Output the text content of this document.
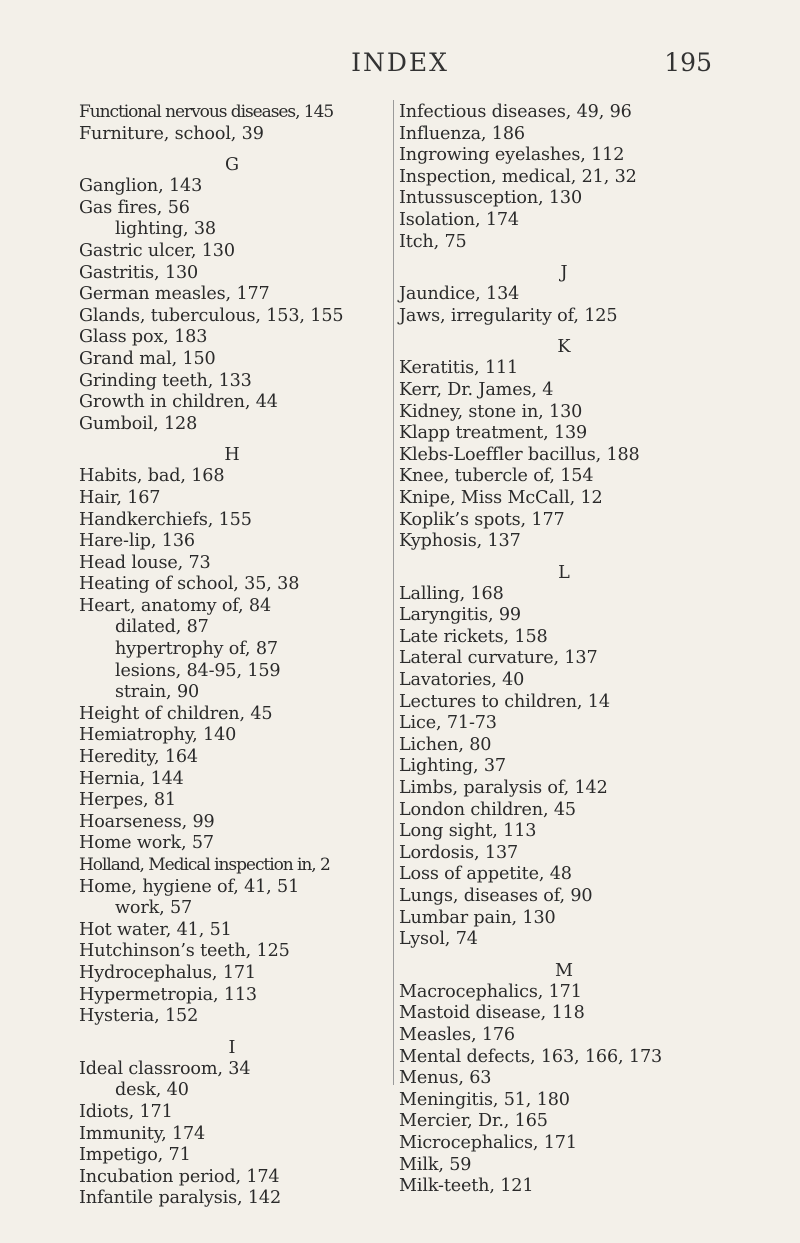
INDEX	195
Functional nervous diseases, 145
Furniture, school, 39
G
Ganglion, 143
Gas fires, 56
lighting, 38
Gastric ulcer, 130
Gastritis, 130
German measles, 177
Glands, tuberculous, 153, 155
Glass pox, 183
Grand mal, 150
Grinding teeth, 133
Growth in children, 44
Gumboil, 128
H
Habits, bad, 168
Hair, 167
Handkerchiefs, 155
Hare-lip, 136
Head louse, 73
Heating of school, 35, 38
Heart, anatomy of, 84
dilated, 87
hypertrophy of, 87
lesions, 84-95, 159
strain, 90
Height of children, 45
Hemiatrophy, 140
Heredity, 164
Hernia, 144
Herpes, 81
Hoarseness, 99
Home work, 57
Holland, Medical inspection in, 2
Home, hygiene of, 41, 51
work, 57
Hot water, 41, 51
Hutchinson’s teeth, 125
Hydrocephalus, 171
Hypermetropia, 113
Hysteria, 152
I
Ideal classroom, 34
desk, 40
Idiots, 171
Immunity, 174
Impetigo, 71
Incubation period, 174
Infantile paralysis, 142
Infectious diseases, 49, 96
Influenza, 186
Ingrowing eyelashes, 112
Inspection, medical, 21, 32
Intussusception, 130
Isolation, 174
Itch, 75
J
Jaundice, 134
Jaws, irregularity of, 125
K
Keratitis, 111
Kerr, Dr. James, 4
Kidney, stone in, 130
Klapp treatment, 139
Klebs-Loeffler bacillus, 188
Knee, tubercle of, 154
Knipe, Miss McCall, 12
Koplik’s spots, 177
Kyphosis, 137
L
Lalling, 168
Laryngitis, 99
Late rickets, 158
Lateral curvature, 137
Lavatories, 40
Lectures to children, 14
Lice, 71-73
Lichen, 80
Lighting, 37
Limbs, paralysis of, 142
London children, 45
Long sight, 113
Lordosis, 137
Loss of appetite, 48
Lungs, diseases of, 90
Lumbar pain, 130
Lysol, 74
M
Macrocephalics, 171
Mastoid disease, 118
Measles, 176
Mental defects, 163, 166, 173
Menus, 63
Meningitis, 51, 180
Mercier, Dr., 165
Microcephalics, 171
Milk, 59
Milk-teeth, 121
